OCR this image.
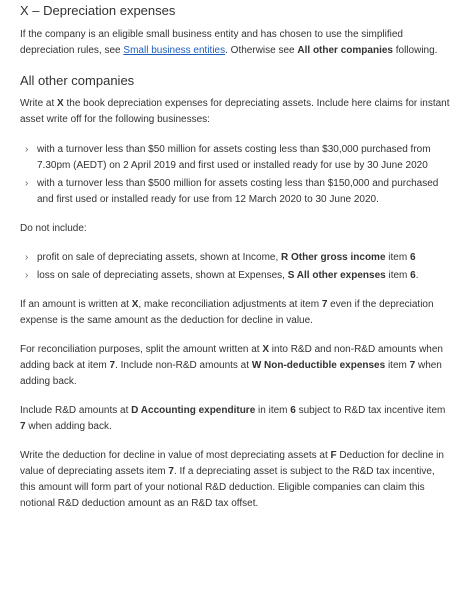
X – Depreciation expenses

If the company is an eligible small business entity and has chosen to use the simplified depreciation rules, see Small business entities. Otherwise see All other companies following.

All other companies

Write at X the book depreciation expenses for depreciating assets. Include here claims for instant asset write off for the following businesses:

› with a turnover less than $50 million for assets costing less than $30,000 purchased from 7.30pm (AEDT) on 2 April 2019 and first used or installed ready for use by 30 June 2020
› with a turnover less than $500 million for assets costing less than $150,000 and purchased and first used or installed ready for use from 12 March 2020 to 30 June 2020.

Do not include:

› profit on sale of depreciating assets, shown at Income, R Other gross income item 6
› loss on sale of depreciating assets, shown at Expenses, S All other expenses item 6.

If an amount is written at X, make reconciliation adjustments at item 7 even if the depreciation expense is the same amount as the deduction for decline in value.

For reconciliation purposes, split the amount written at X into R&D and non-R&D amounts when adding back at item 7. Include non-R&D amounts at W Non-deductible expenses item 7 when adding back.

Include R&D amounts at D Accounting expenditure in item 6 subject to R&D tax incentive item 7 when adding back.

Write the deduction for decline in value of most depreciating assets at F Deduction for decline in value of depreciating assets item 7. If a depreciating asset is subject to the R&D tax incentive, this amount will form part of your notional R&D deduction. Eligible companies can claim this notional R&D deduction amount as an R&D tax offset.
